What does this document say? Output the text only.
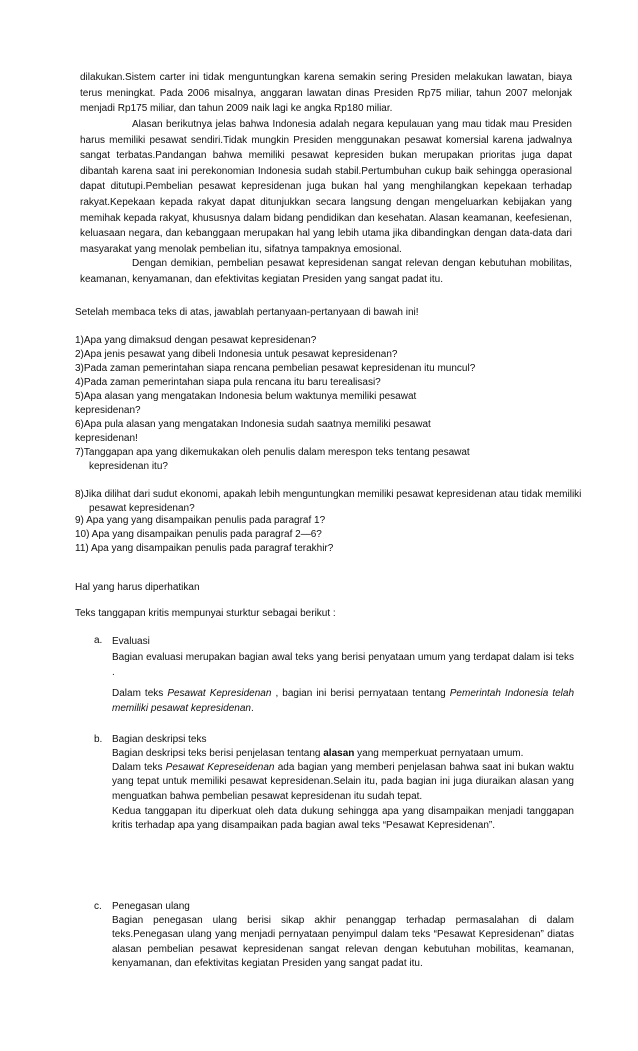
dilakukan.Sistem carter ini tidak menguntungkan karena semakin sering Presiden melakukan lawatan, biaya terus meningkat. Pada 2006 misalnya, anggaran lawatan dinas Presiden Rp75 miliar, tahun 2007 melonjak menjadi Rp175 miliar, dan tahun 2009 naik lagi ke angka Rp180 miliar.

Alasan berikutnya jelas bahwa Indonesia adalah negara kepulauan yang mau tidak mau Presiden harus memiliki pesawat sendiri.Tidak mungkin Presiden menggunakan pesawat komersial karena jadwalnya sangat terbatas.Pandangan bahwa memiliki pesawat kepresiden bukan merupakan prioritas juga dapat dibantah karena saat ini perekonomian Indonesia sudah stabil.Pertumbuhan cukup baik sehingga operasional dapat ditutupi.Pembelian pesawat kepresidenan juga bukan hal yang menghilangkan kepekaan terhadap rakyat.Kepekaan kepada rakyat dapat ditunjukkan secara langsung dengan mengeluarkan kebijakan yang memihak kepada rakyat, khususnya dalam bidang pendidikan dan kesehatan. Alasan keamanan, keefesienan, keluasaan negara, dan kebanggaan merupakan hal yang lebih utama jika dibandingkan dengan data-data dari masyarakat yang menolak pembelian itu, sifatnya tampaknya emosional.

Dengan demikian, pembelian pesawat kepresidenan sangat relevan dengan kebutuhan mobilitas, keamanan, kenyamanan, dan efektivitas kegiatan Presiden yang sangat padat itu.

Setelah membaca teks di atas, jawablah pertanyaan-pertanyaan di bawah ini!

1)Apa yang dimaksud dengan pesawat kepresidenan?

2)Apa jenis pesawat yang dibeli Indonesia untuk pesawat kepresidenan?

3)Pada zaman pemerintahan siapa rencana pembelian pesawat kepresidenan itu muncul?

4)Pada zaman pemerintahan siapa pula rencana itu baru terealisasi?

5)Apa alasan yang mengatakan Indonesia belum waktunya memiliki pesawat kepresidenan?

6)Apa pula alasan yang mengatakan Indonesia sudah saatnya memiliki pesawat kepresidenan!

7)Tanggapan apa yang dikemukakan oleh penulis dalam merespon teks tentang pesawat kepresidenan itu?

8)Jika dilihat dari sudut ekonomi, apakah lebih menguntungkan memiliki pesawat kepresidenan atau tidak memiliki pesawat kepresidenan?

9) Apa yang yang disampaikan penulis pada paragraf 1?

10) Apa yang disampaikan penulis pada paragraf 2—6?

11) Apa yang disampaikan penulis pada paragraf terakhir?

Hal yang harus diperhatikan

Teks tanggapan kritis mempunyai sturktur sebagai berikut :

a. Evaluasi

Bagian evaluasi merupakan bagian awal teks yang berisi penyataan umum yang terdapat dalam isi teks .

Dalam teks Pesawat Kepresidenan , bagian ini berisi pernyataan tentang Pemerintah Indonesia telah memiliki pesawat kepresidenan.

b. Bagian deskripsi teks

Bagian deskripsi teks berisi penjelasan tentang alasan yang memperkuat pernyataan umum.

Dalam teks Pesawat Kepreseidenan ada bagian yang memberi penjelasan bahwa saat ini bukan waktu yang tepat untuk memiliki pesawat kepresidenan.Selain itu, pada bagian ini juga diuraikan alasan yang menguatkan bahwa pembelian pesawat kepresidenan itu sudah tepat.

Kedua tanggapan itu diperkuat oleh data dukung sehingga apa yang disampaikan menjadi tanggapan kritis terhadap apa yang disampaikan pada bagian awal teks “Pesawat Kepresidenan”.

c. Penegasan ulang

Bagian penegasan ulang berisi sikap akhir penanggap terhadap permasalahan di dalam teks.Penegasan ulang yang menjadi pernyataan penyimpul dalam teks “Pesawat Kepresidenan” diatas alasan pembelian pesawat kepresidenan sangat relevan dengan kebutuhan mobilitas, keamanan, kenyamanan, dan efektivitas kegiatan Presiden yang sangat padat itu.
